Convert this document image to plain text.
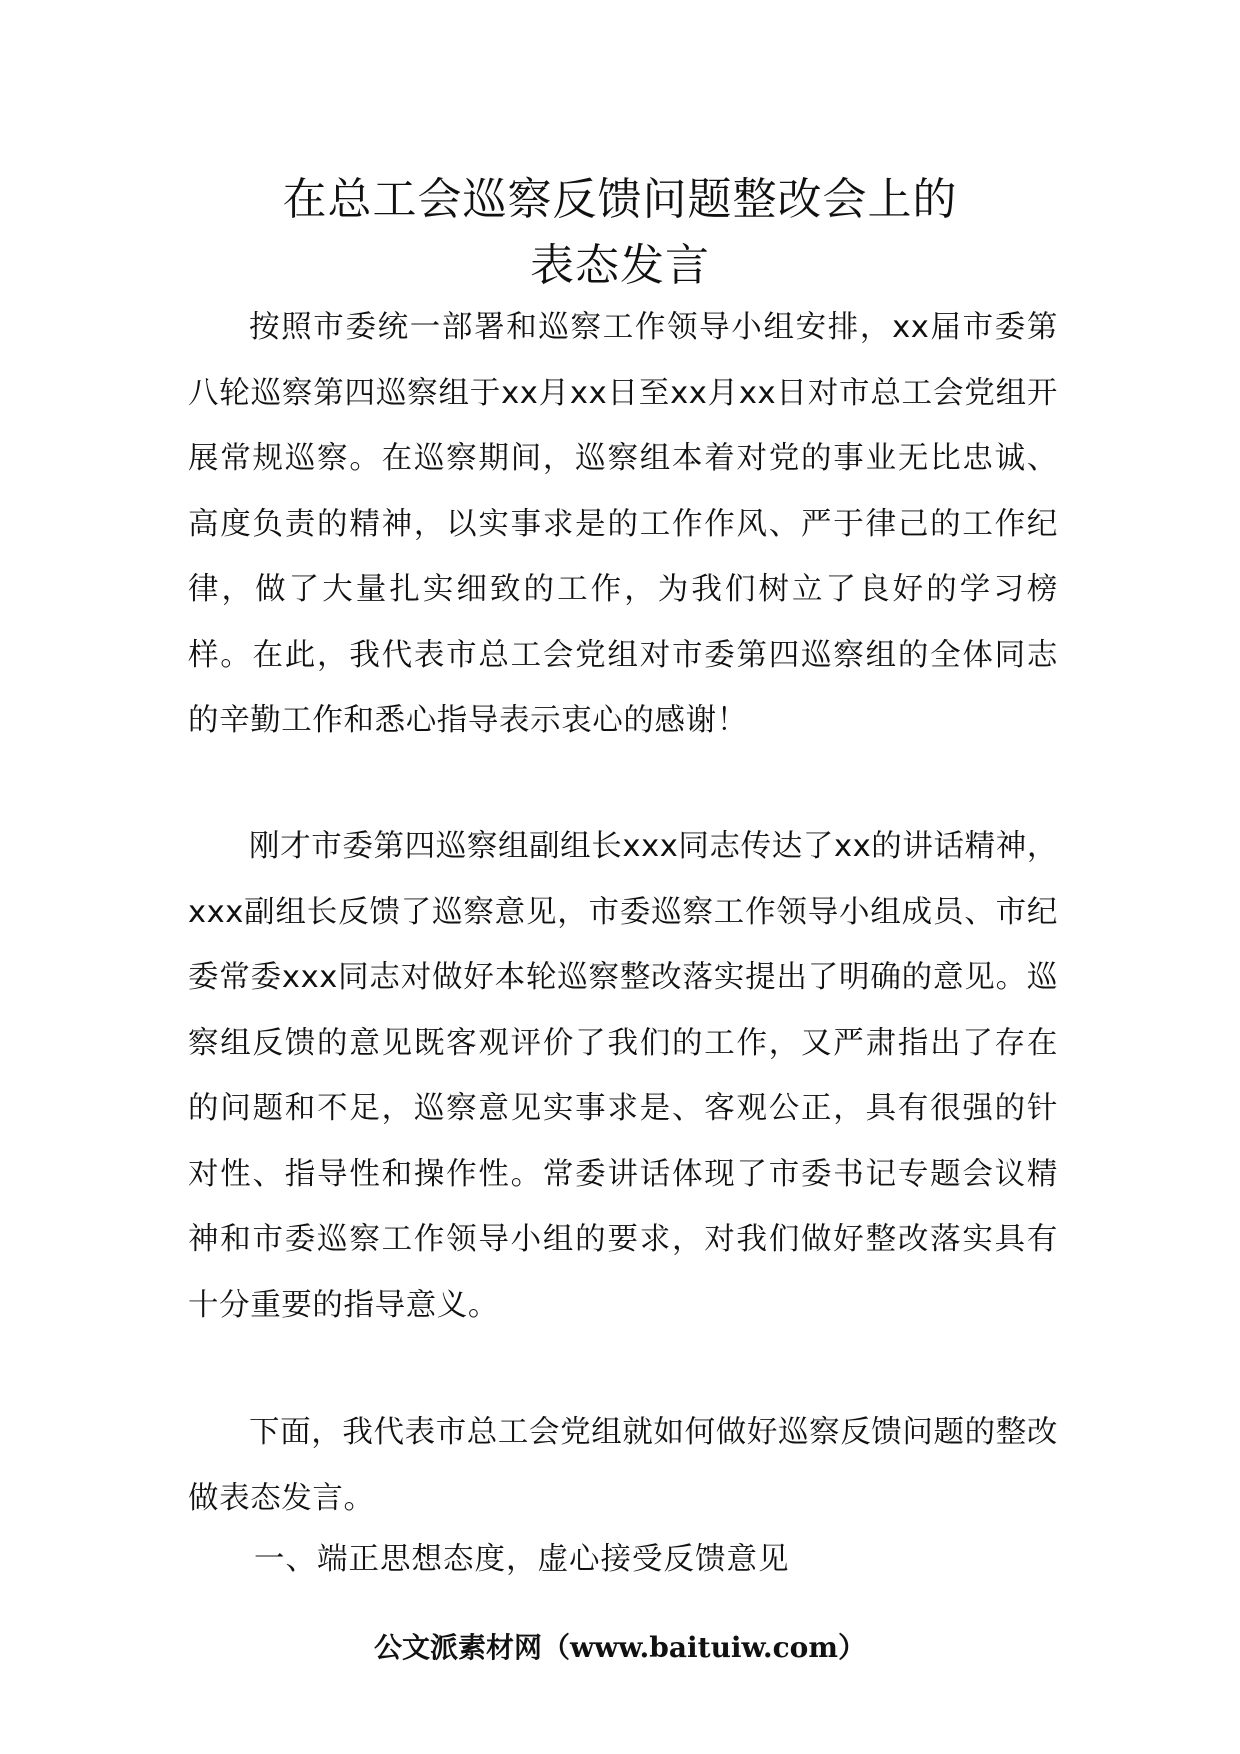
在总工会巡察反馈问题整改会上的
表态发言

按照市委统一部署和巡察工作领导小组安排，xx届市委第八轮巡察第四巡察组于xx月xx日至xx月xx日对市总工会党组开展常规巡察。在巡察期间，巡察组本着对党的事业无比忠诚、高度负责的精神，以实事求是的工作作风、严于律己的工作纪律，做了大量扎实细致的工作，为我们树立了良好的学习榜样。在此，我代表市总工会党组对市委第四巡察组的全体同志的辛勤工作和悉心指导表示衷心的感谢！

刚才市委第四巡察组副组长xxx同志传达了xx的讲话精神，xxx副组长反馈了巡察意见，市委巡察工作领导小组成员、市纪委常委xxx同志对做好本轮巡察整改落实提出了明确的意见。巡察组反馈的意见既客观评价了我们的工作，又严肃指出了存在的问题和不足，巡察意见实事求是、客观公正，具有很强的针对性、指导性和操作性。常委讲话体现了市委书记专题会议精神和市委巡察工作领导小组的要求，对我们做好整改落实具有十分重要的指导意义。

下面，我代表市总工会党组就如何做好巡察反馈问题的整改做表态发言。

一、端正思想态度，虚心接受反馈意见

公文派素材网（www.baituiw.com）
